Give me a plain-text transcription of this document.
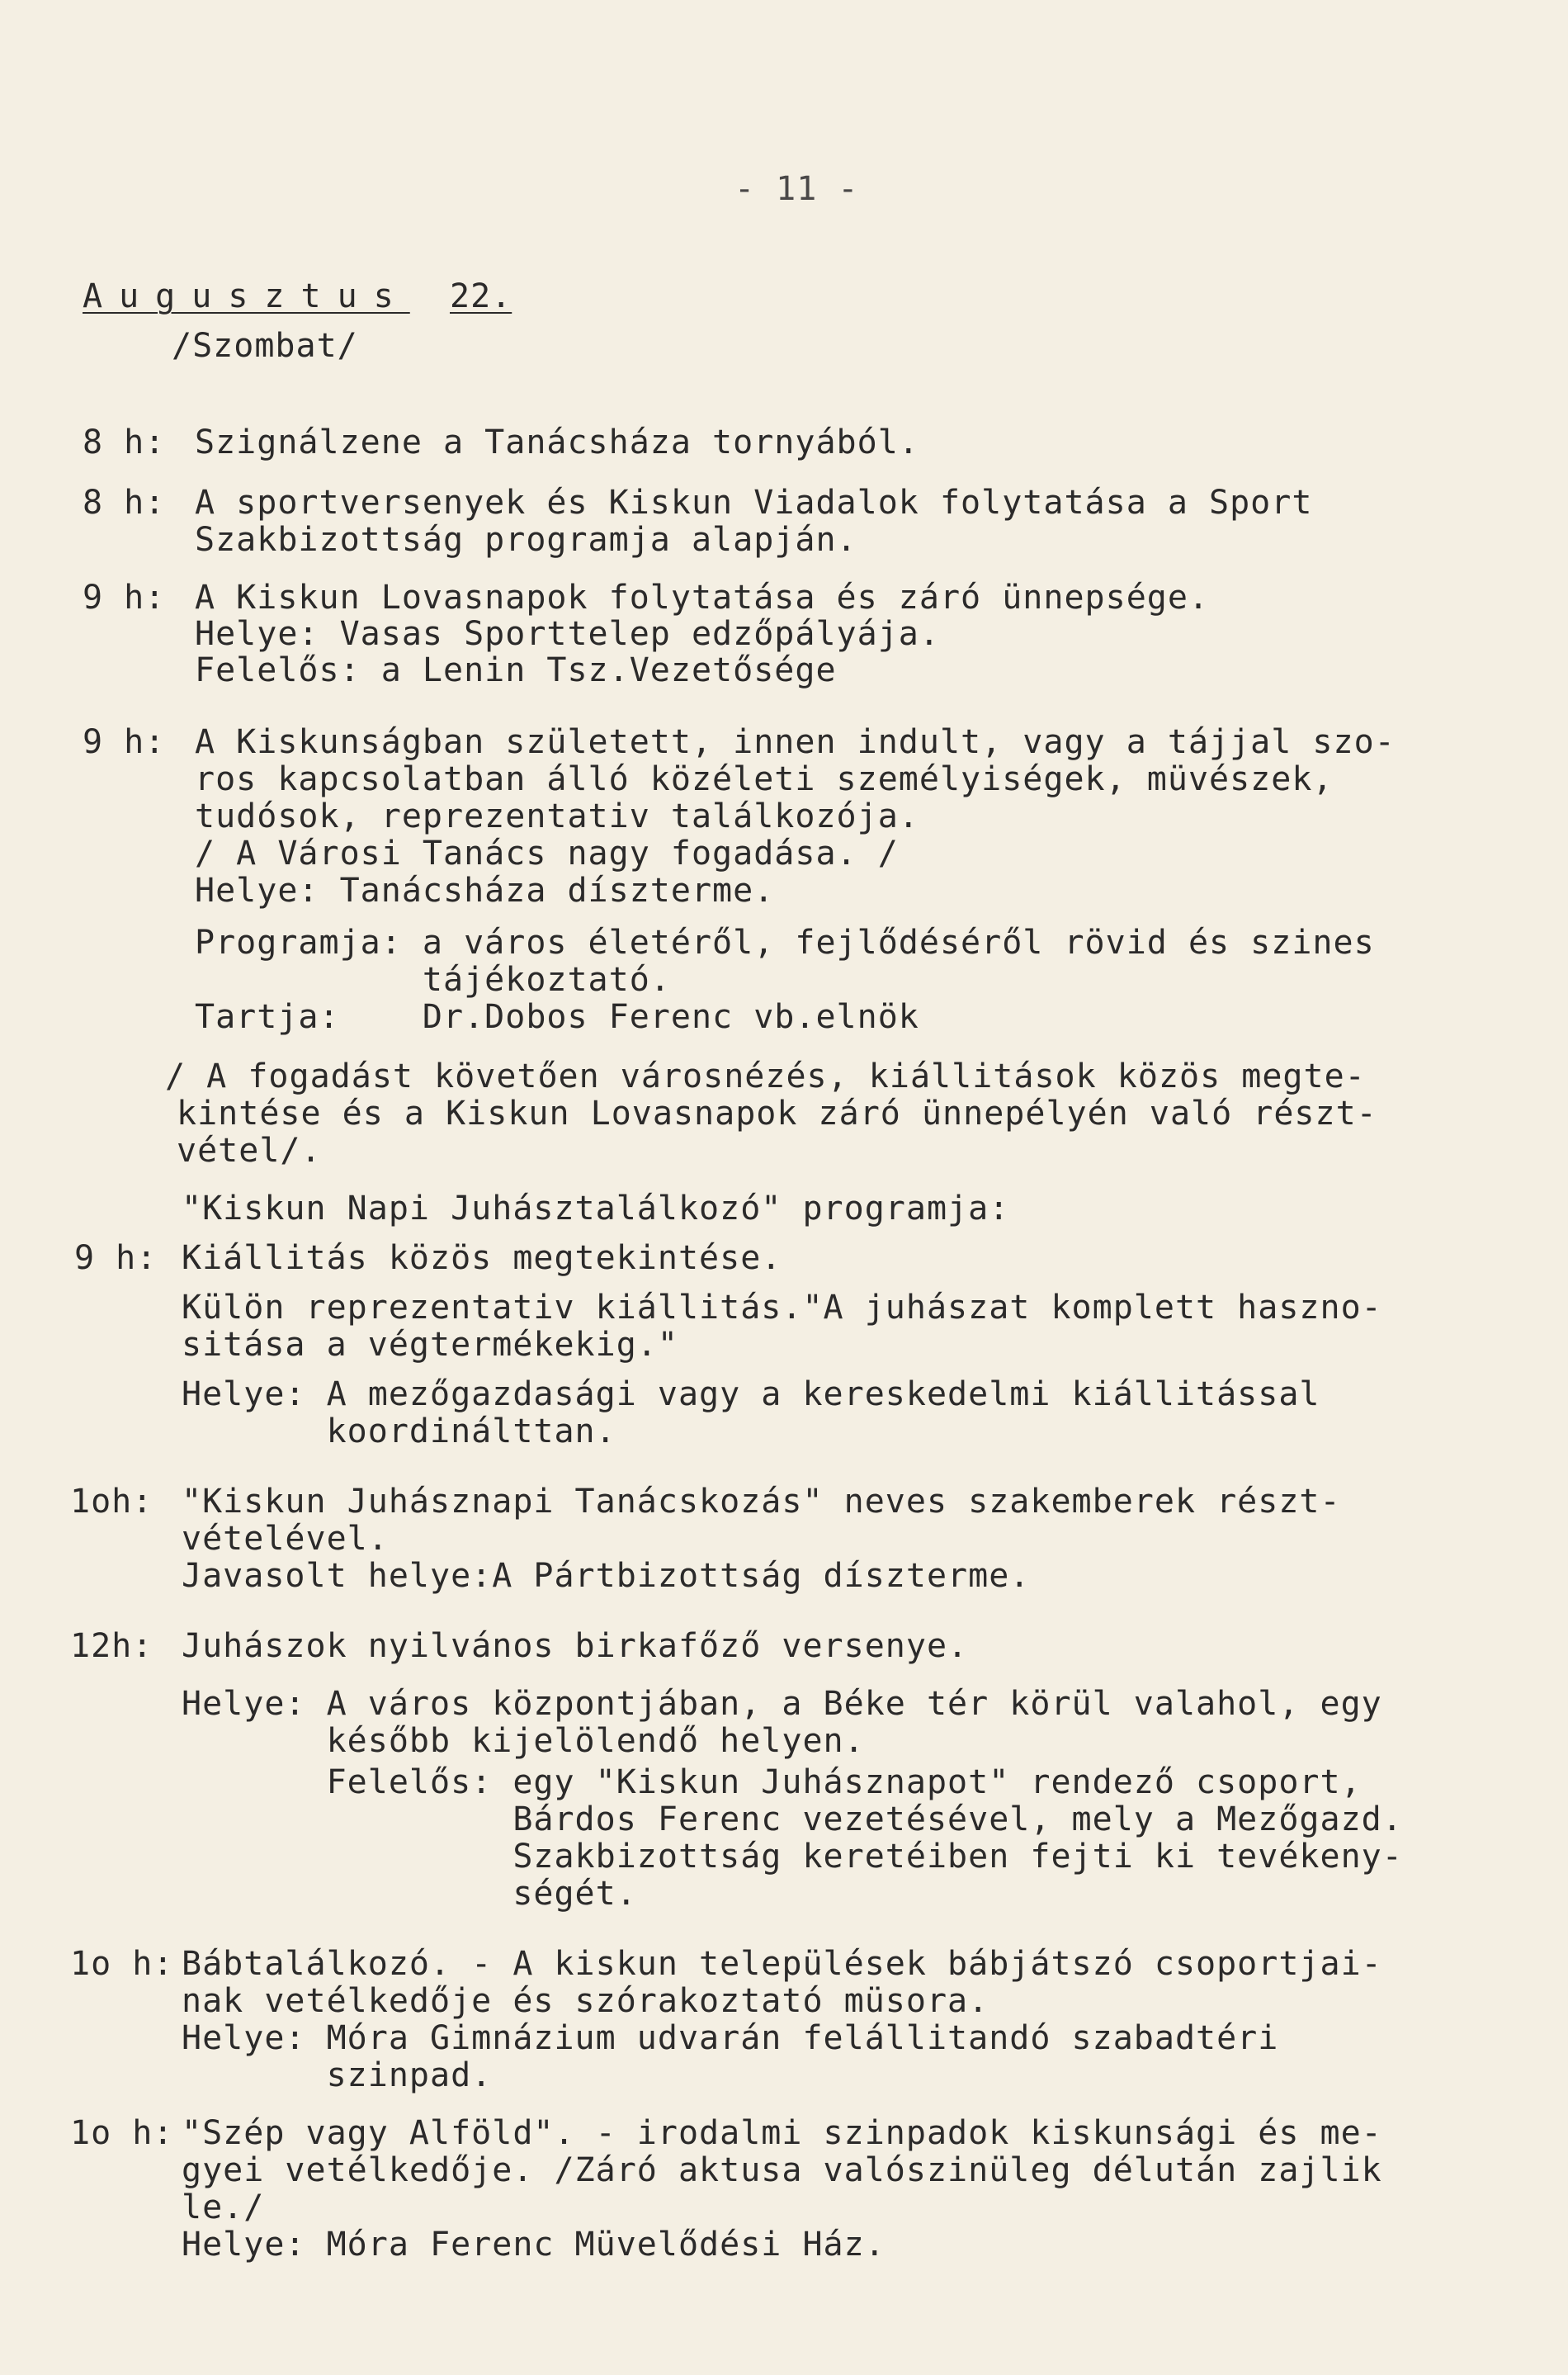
- 11 -
Augusztus 22.
/Szombat/
8 h: Szignálzene a Tanácsháza tornyából.
8 h: A sportversenyek és Kiskun Viadalok folytatása a Sport
Szakbizottság programja alapján.
9 h: A Kiskun Lovasnapok folytatása és záró ünnepsége.
Helye: Vasas Sporttelep edzőpályája.
Felelős: a Lenin Tsz.Vezetősége
9 h: A Kiskunságban született, innen indult, vagy a tájjal szo-
ros kapcsolatban álló közéleti személyiségek, müvészek,
tudósok, reprezentativ találkozója.
/ A Városi Tanács nagy fogadása. /
Helye: Tanácsháza díszterme.
Programja: a város életéről, fejlődéséről rövid és szines
tájékoztató.
Tartja:    Dr.Dobos Ferenc vb.elnök
/ A fogadást követően városnézés, kiállitások közös megte-
kintése és a Kiskun Lovasnapok záró ünnepélyén való részt-
vétel/.
"Kiskun Napi Juhásztalálkozó" programja:
9 h: Kiállitás közös megtekintése.
Külön reprezentativ kiállitás."A juhászat komplett haszno-
sitása a végtermékekig."
Helye: A mezőgazdasági vagy a kereskedelmi kiállitással
koordinálttan.
1oh: "Kiskun Juhásznapi Tanácskozás" neves szakemberek részt-
vételével.
Javasolt helye:A Pártbizottság díszterme.
12h: Juhászok nyilvános birkafőző versenye.
Helye: A város központjában, a Béke tér körül valahol, egy
később kijelölendő helyen.
Felelős: egy "Kiskun Juhásznapot" rendező csoport,
Bárdos Ferenc vezetésével, mely a Mezőgazd.
Szakbizottság keretéiben fejti ki tevékeny-
ségét.
1o h: Bábtalálkozó. - A kiskun települések bábjátszó csoportjai-
nak vetélkedője és szórakoztató müsora.
Helye: Móra Gimnázium udvarán felállitandó szabadtéri
szinpad.
1o h: "Szép vagy Alföld". - irodalmi szinpadok kiskunsági és me-
gyei vetélkedője. /Záró aktusa valószinüleg délután zajlik
le./
Helye: Móra Ferenc Müvelődési Ház.
